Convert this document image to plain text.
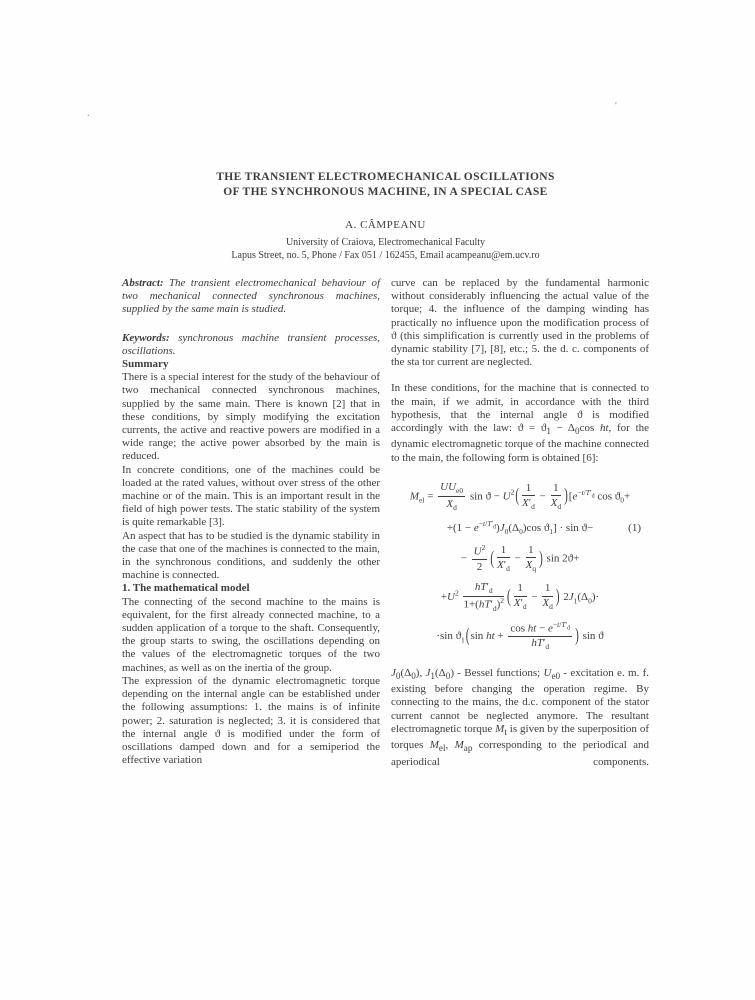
.
'
THE TRANSIENT ELECTROMECHANICAL OSCILLATIONS
OF THE SYNCHRONOUS MACHINE, IN A SPECIAL CASE
A. CÂMPEANU
University of Craiova, Electromechanical Faculty
Lapus Street, no. 5, Phone / Fax 051 / 162455, Email acampeanu@em.ucv.ro

Abstract: The transient electromechanical behaviour of two mechanical connected synchronous machines, supplied by the same main is studied.

Keywords: synchronous machine transient processes, oscillations.

Summary

There is a special interest for the study of the behaviour of two mechanical connected synchronous machines, supplied by the same main. There is known [2] that in these conditions, by simply modifying the excitation currents, the active and reactive powers are modified in a wide range; the active power absorbed by the main is reduced.

In concrete conditions, one of the machines could be loaded at the rated values, without over stress of the other machine or of the main. This is an important result in the field of high power tests. The static stability of the system is quite remarkable [3].

An aspect that has to be studied is the dynamic stability in the case that one of the machines is connected to the main, in the synchronous conditions, and suddenly the other machine is connected.

1. The mathematical model

The connecting of the second machine to the mains is equivalent, for the first already connected machine, to a sudden application of a torque to the shaft. Consequently, the group starts to swing, the oscillations depending on the values of the electromagnetic torques of the two machines, as well as on the inertia of the group.

The expression of the dynamic electromagnetic torque depending on the internal angle can be established under the following assumptions: 1. the mains is of infinite power; 2. saturation is neglected; 3. it is considered that the internal angle ϑ is modified under the form of oscillations damped down and for a semiperiod the effective variation

curve can be replaced by the fundamental harmonic without considerably influencing the actual value of the torque; 4. the influence of the damping winding has practically no influence upon the modification process of ϑ (this simplification is currently used in the problems of dynamic stability [7], [8], etc.; 5. the d. c. components of the sta tor current are neglected.

In these conditions, for the machine that is connected to the main, if we admit, in accordance with the third hypothesis, that the internal angle ϑ is modified accordingly with the law: $ϑ = ϑ_1 - \Delta_0\cos$ ht, for the dynamic electromagnetic torque of the machine connected to the main, the following form is obtained [6]:

$M_{el} = \frac{UU_{e0}}{X_d}$ $\sin ϑ - U^2( \frac{1}{X'_d} - \frac{1}{X_d} )[e^{-t/T'_d}$ $\cos ϑ_0+$
$+(1 - e^{-t/T'_d})J_0(\Delta_0)\cos$ $ϑ_1] \cdot \sin ϑ-$	(1)
− $\frac{U^2}{2}$ ( $\frac{1}{X'_d} - \frac{1}{X_q}$ ) sin 2ϑ+
$+U^2 \frac{hT'_d}{1+(hT'_d)^2}$ ( $\frac{1}{X'_d} - \frac{1}{X_d}$ ) $2J_1(\Delta_0)\cdot$
·sin $ϑ_1(\sin$ ht + $\frac{\cos ht - e^{-t/T'_d}}{hT'_d}$ ) sin ϑ

$J_0(\Delta_0)$, $J_1(\Delta_0)$ - Bessel functions; $U_{e0}$ - excitation e. m. f. existing before changing the operation regime. By connecting to the mains, the d.c. component of the stator current cannot be neglected anymore. The resultant electromagnetic torque $M_t$ is given by the superposition of torques $M_{el}$, $M_{ap}$ corresponding to the periodical and aperiodical components.
